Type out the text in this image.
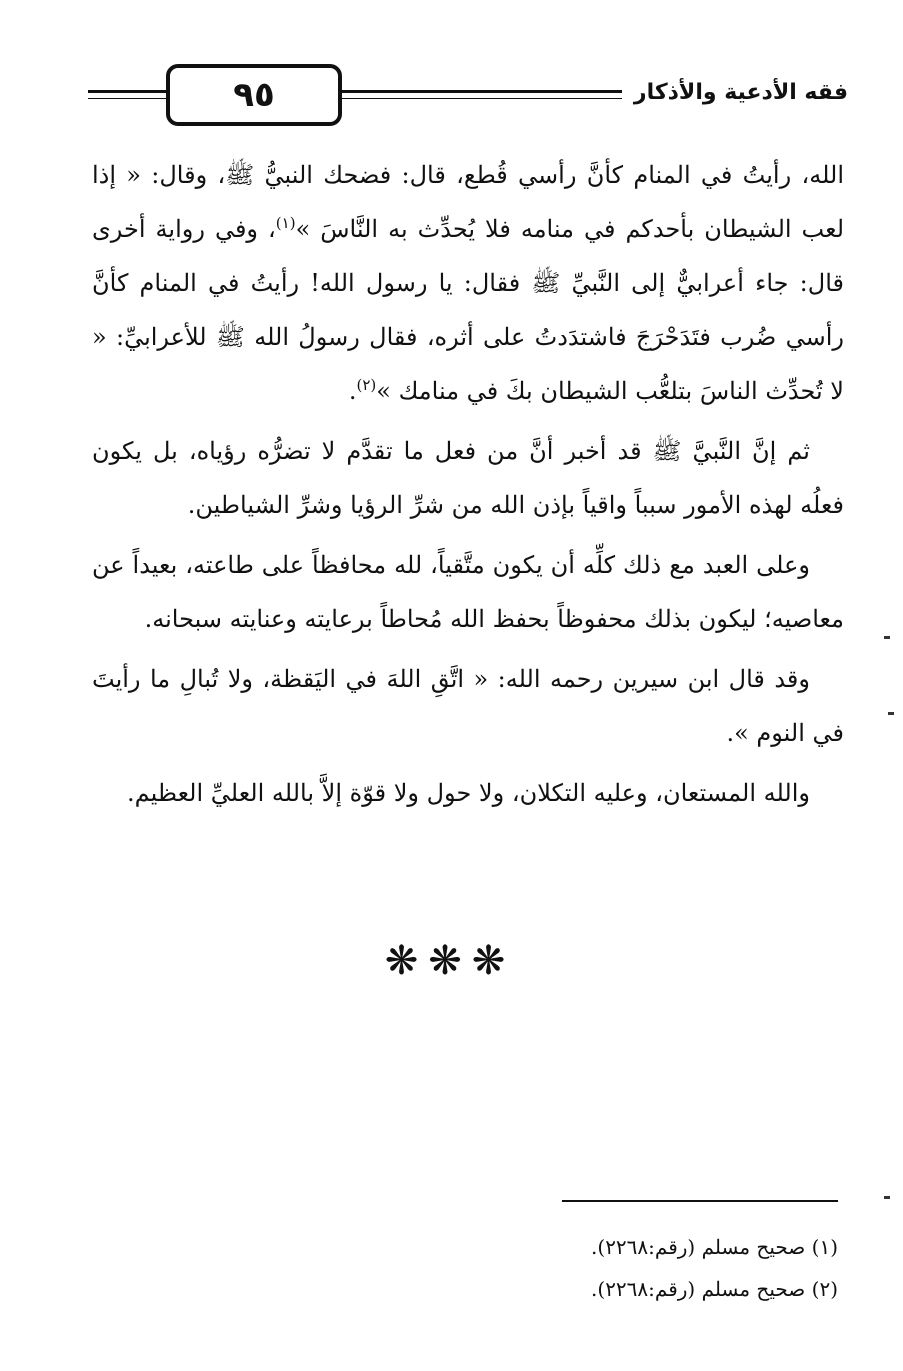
٩٥	فقه الأدعية والأذكار

الله، رأيتُ في المنام كأنَّ رأسي قُطع، قال: فضحك النبيُّ ﷺ، وقال: « إذا لعب الشيطان بأحدكم في منامه فلا يُحدِّث به النَّاسَ »$^{(١)}$، وفي رواية أخرى قال: جاء أعرابيٌّ إلى النَّبيِّ ﷺ فقال: يا رسول الله! رأيتُ في المنام كأنَّ رأسي ضُرب فتَدَحْرَجَ فاشتدَدتُ على أثره، فقال رسولُ الله ﷺ للأعرابيِّ: « لا تُحدِّث الناسَ بتلعُّب الشيطان بكَ في منامك »$^{(٢)}$.

ثم إنَّ النَّبيَّ ﷺ قد أخبر أنَّ من فعل ما تقدَّم لا تضرُّه رؤياه، بل يكون فعلُه لهذه الأمور سبباً واقياً بإذن الله من شرِّ الرؤيا وشرِّ الشياطين.

وعلى العبد مع ذلك كلِّه أن يكون متَّقياً، لله محافظاً على طاعته، بعيداً عن معاصيه؛ ليكون بذلك محفوظاً بحفظ الله مُحاطاً برعايته وعنايته سبحانه.

وقد قال ابن سيرين رحمه الله: « اتَّقِ اللهَ في اليَقظة، ولا تُبالِ ما رأيتَ في النوم ».

والله المستعان، وعليه التكلان، ولا حول ولا قوّة إلاَّ بالله العليِّ العظيم.

❋❋❋
(١) صحيح مسلم (رقم:٢٢٦٨).
(٢) صحيح مسلم (رقم:٢٢٦٨).
